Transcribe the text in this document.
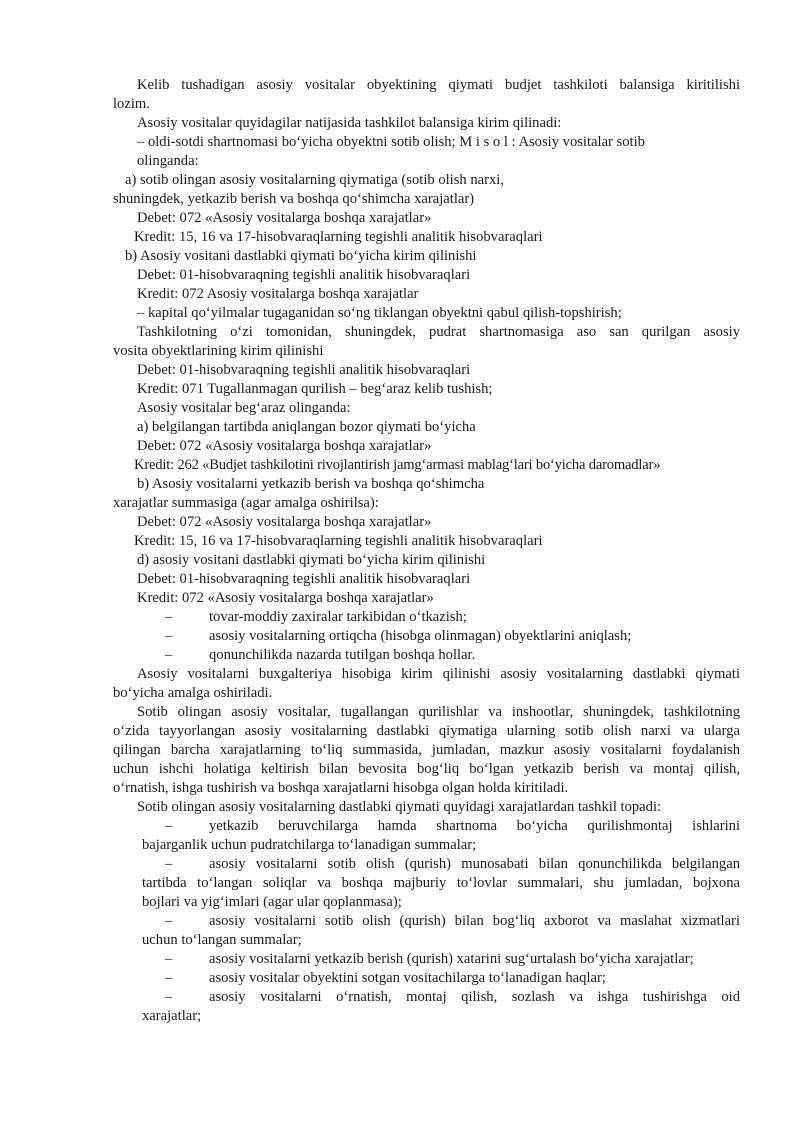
Kelib tushadigan asosiy vositalar obyektining qiymati budjet tashkiloti balansiga kiritilishi
lozim.
Asosiy vositalar quyidagilar natijasida tashkilot balansiga kirim qilinadi:
– oldi-sotdi shartnomasi bo‘yicha obyektni sotib olish; M i s o l : Asosiy vositalar sotib
olinganda:
a) sotib olingan asosiy vositalarning qiymatiga (sotib olish narxi,
shuningdek, yetkazib berish va boshqa qo‘shimcha xarajatlar)
Debet: 072 «Asosiy vositalarga boshqa xarajatlar»
Kredit: 15, 16 va 17-hisobvaraqlarning tegishli analitik hisobvaraqlari
b) Asosiy vositani dastlabki qiymati bo‘yicha kirim qilinishi
Debet: 01-hisobvaraqning tegishli analitik hisobvaraqlari
Kredit: 072 Asosiy vositalarga boshqa xarajatlar
– kapital qo‘yilmalar tugaganidan so‘ng tiklangan obyektni qabul qilish-topshirish;
Tashkilotning o‘zi tomonidan, shuningdek, pudrat shartnomasiga aso san qurilgan asosiy
vosita obyektlarining kirim qilinishi
Debet: 01-hisobvaraqning tegishli analitik hisobvaraqlari
Kredit: 071 Tugallanmagan qurilish – beg‘araz kelib tushish;
Asosiy vositalar beg‘araz olinganda:
a) belgilangan tartibda aniqlangan bozor qiymati bo‘yicha
Debet: 072 «Asosiy vositalarga boshqa xarajatlar»
Kredit: 262 «Budjet tashkilotini rivojlantirish jamg‘armasi mablag‘lari bo‘yicha daromadlar»
b) Asosiy vositalarni yetkazib berish va boshqa qo‘shimcha
xarajatlar summasiga (agar amalga oshirilsa):
Debet: 072 «Asosiy vositalarga boshqa xarajatlar»
Kredit: 15, 16 va 17-hisobvaraqlarning tegishli analitik hisobvaraqlari
d) asosiy vositani dastlabki qiymati bo‘yicha kirim qilinishi
Debet: 01-hisobvaraqning tegishli analitik hisobvaraqlari
Kredit: 072 «Asosiy vositalarga boshqa xarajatlar»
–	tovar-moddiy zaxiralar tarkibidan o‘tkazish;
–	asosiy vositalarning ortiqcha (hisobga olinmagan) obyektlarini aniqlash;
–	qonunchilikda nazarda tutilgan boshqa hollar.
Asosiy vositalarni buxgalteriya hisobiga kirim qilinishi asosiy vositalarning dastlabki qiymati
bo‘yicha amalga oshiriladi.
Sotib olingan asosiy vositalar, tugallangan qurilishlar va inshootlar, shuningdek, tashkilotning
o‘zida tayyorlangan asosiy vositalarning dastlabki qiymatiga ularning sotib olish narxi va ularga
qilingan barcha xarajatlarning to‘liq summasida, jumladan, mazkur asosiy vositalarni foydalanish
uchun ishchi holatiga keltirish bilan bevosita bog‘liq bo‘lgan yetkazib berish va montaj qilish,
o‘rnatish, ishga tushirish va boshqa xarajatlarni hisobga olgan holda kiritiladi.
Sotib olingan asosiy vositalarning dastlabki qiymati quyidagi xarajatlardan tashkil topadi:
–	yetkazib beruvchilarga hamda shartnoma bo‘yicha qurilishmontaj ishlarini
bajarganlik uchun pudratchilarga to‘lanadigan summalar;
–	asosiy vositalarni sotib olish (qurish) munosabati bilan qonunchilikda belgilangan
tartibda to‘langan soliqlar va boshqa majburiy to‘lovlar summalari, shu jumladan, bojxona
bojlari va yig‘imlari (agar ular qoplanmasa);
–	asosiy vositalarni sotib olish (qurish) bilan bog‘liq axborot va maslahat xizmatlari
uchun to‘langan summalar;
–	asosiy vositalarni yetkazib berish (qurish) xatarini sug‘urtalash bo‘yicha xarajatlar;
–	asosiy vositalar obyektini sotgan vositachilarga to‘lanadigan haqlar;
–	asosiy vositalarni o‘rnatish, montaj qilish, sozlash va ishga tushirishga oid
xarajatlar;
